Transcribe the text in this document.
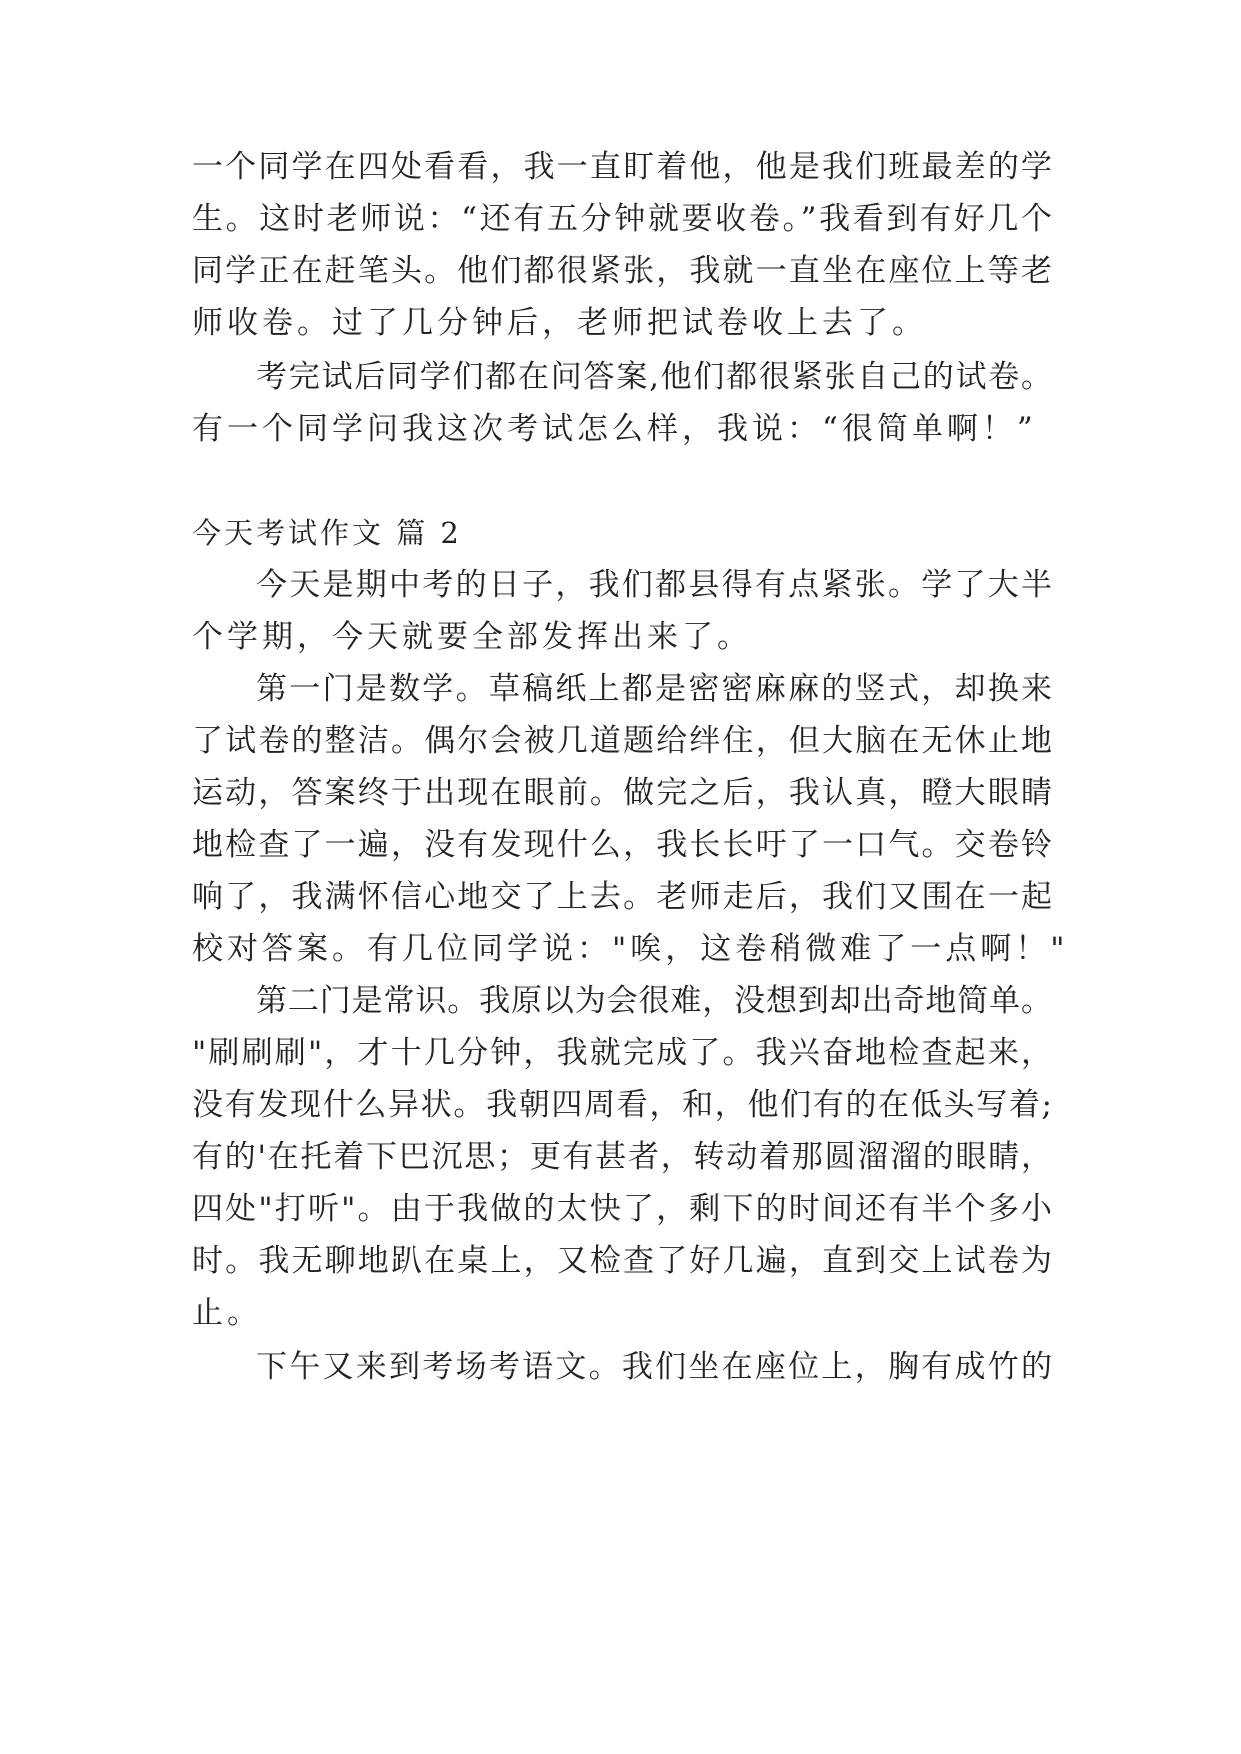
一个同学在四处看看，我一直盯着他，他是我们班最差的学
生。这时老师说：“还有五分钟就要收卷。”我看到有好几个
同学正在赶笔头。他们都很紧张，我就一直坐在座位上等老
师收卷。过了几分钟后，老师把试卷收上去了。
考完试后同学们都在问答案,他们都很紧张自己的试卷。
有一个同学问我这次考试怎么样，我说：“很简单啊！”
今天考试作文 篇 2
今天是期中考的日子，我们都县得有点紧张。学了大半
个学期，今天就要全部发挥出来了。
第一门是数学。草稿纸上都是密密麻麻的竖式，却换来
了试卷的整洁。偶尔会被几道题给绊住，但大脑在无休止地
运动，答案终于出现在眼前。做完之后，我认真，瞪大眼睛
地检查了一遍，没有发现什么，我长长吁了一口气。交卷铃
响了，我满怀信心地交了上去。老师走后，我们又围在一起
校对答案。有几位同学说："唉，这卷稍微难了一点啊！"
第二门是常识。我原以为会很难，没想到却出奇地简单。
"刷刷刷"，才十几分钟，我就完成了。我兴奋地检查起来，
没有发现什么异状。我朝四周看，和，他们有的在低头写着;
有的'在托着下巴沉思；更有甚者，转动着那圆溜溜的眼睛，
四处"打听"。由于我做的太快了，剩下的时间还有半个多小
时。我无聊地趴在桌上，又检查了好几遍，直到交上试卷为
止。
下午又来到考场考语文。我们坐在座位上，胸有成竹的
